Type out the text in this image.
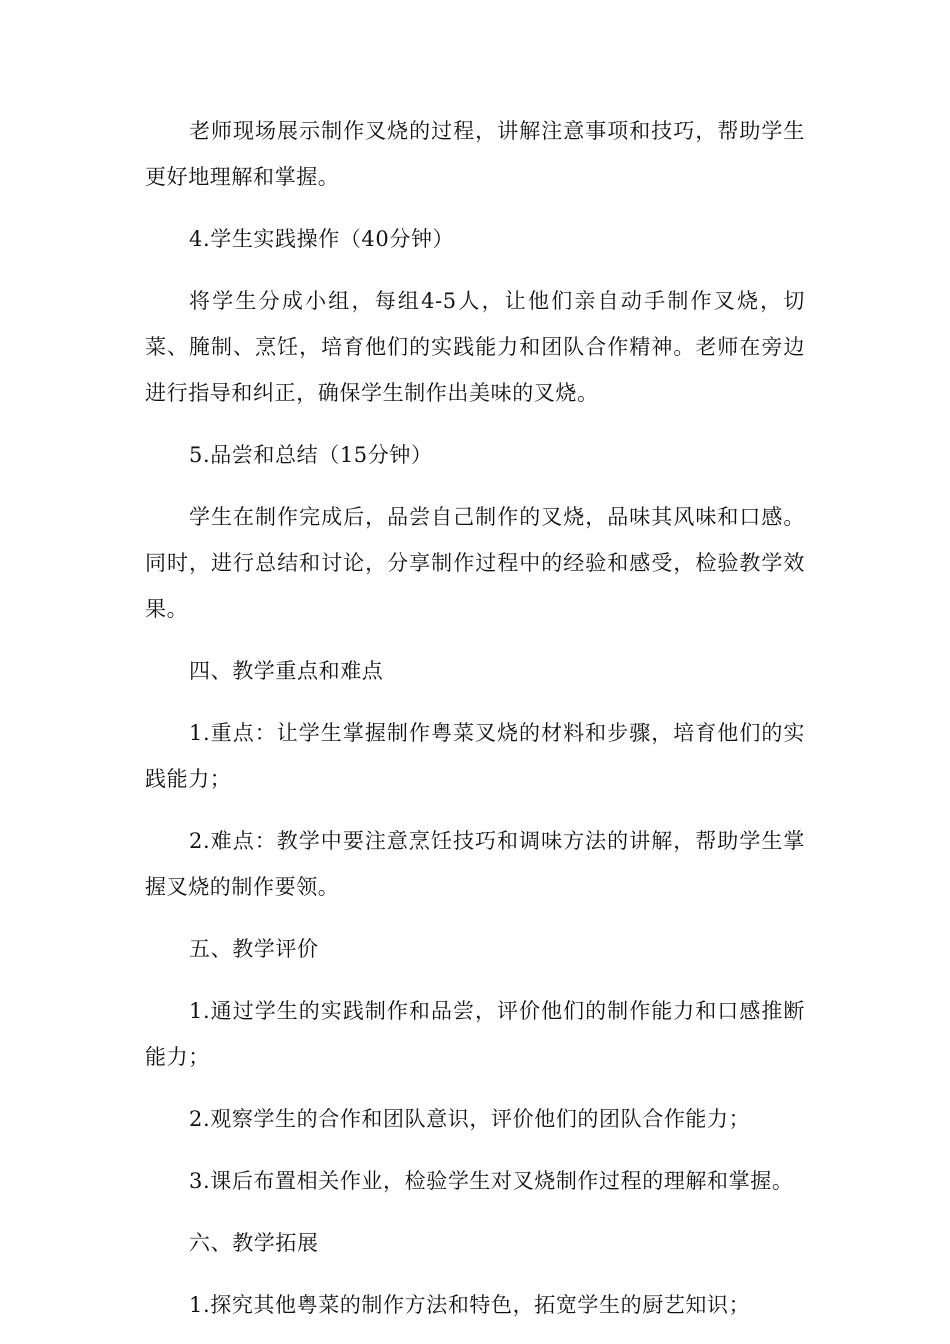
老师现场展示制作叉烧的过程，讲解注意事项和技巧，帮助学生更好地理解和掌握。

4.学生实践操作（40分钟）

将学生分成小组，每组4-5人，让他们亲自动手制作叉烧，切菜、腌制、烹饪，培育他们的实践能力和团队合作精神。老师在旁边进行指导和纠正，确保学生制作出美味的叉烧。

5.品尝和总结（15分钟）

学生在制作完成后，品尝自己制作的叉烧，品味其风味和口感。同时，进行总结和讨论，分享制作过程中的经验和感受，检验教学效果。

四、教学重点和难点

1.重点：让学生掌握制作粤菜叉烧的材料和步骤，培育他们的实践能力；

2.难点：教学中要注意烹饪技巧和调味方法的讲解，帮助学生掌握叉烧的制作要领。

五、教学评价

1.通过学生的实践制作和品尝，评价他们的制作能力和口感推断能力；

2.观察学生的合作和团队意识，评价他们的团队合作能力；

3.课后布置相关作业，检验学生对叉烧制作过程的理解和掌握。

六、教学拓展

1.探究其他粤菜的制作方法和特色，拓宽学生的厨艺知识；
